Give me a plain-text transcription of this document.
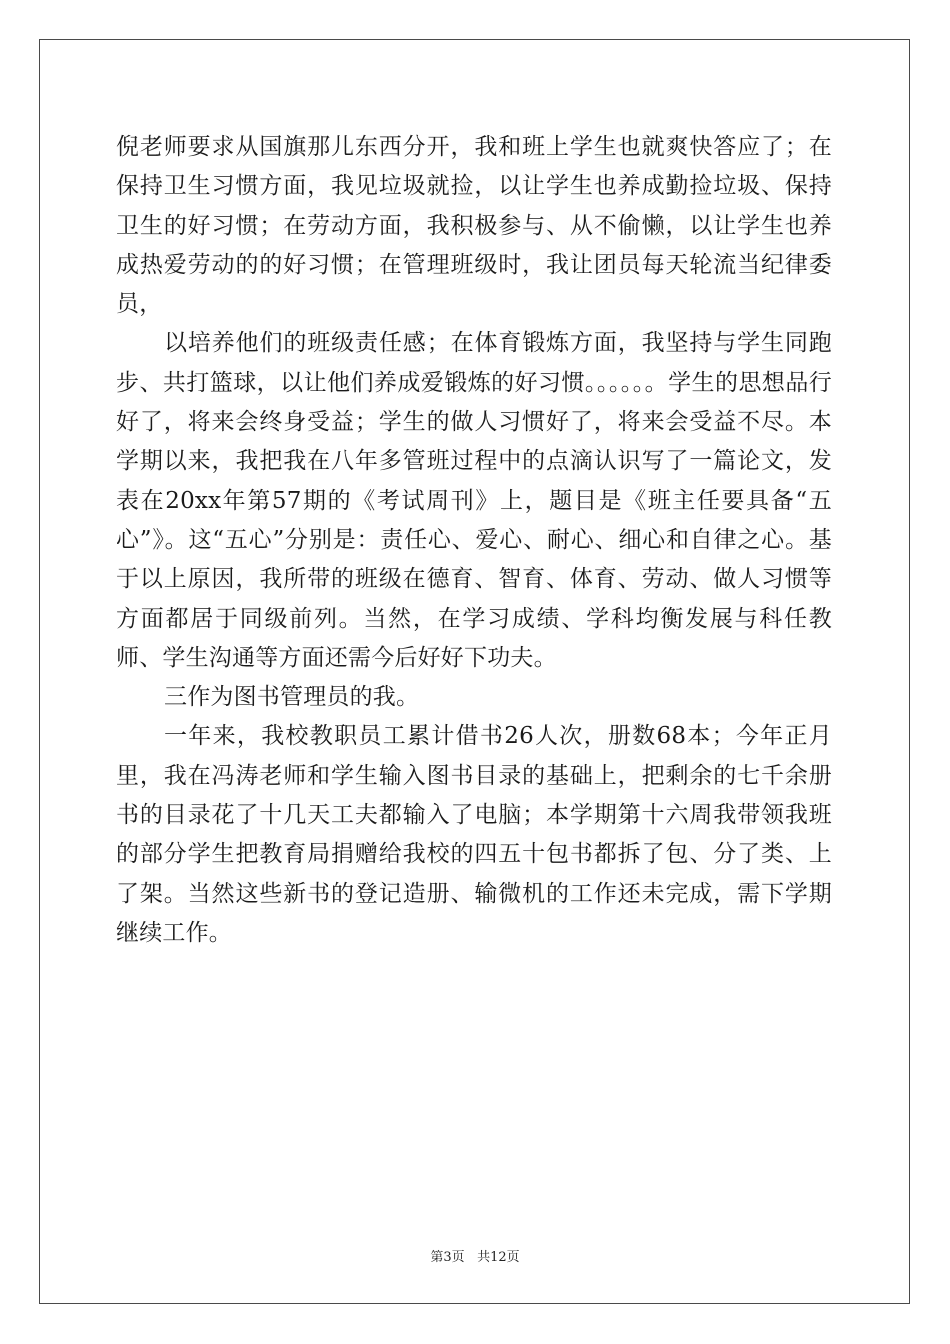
倪老师要求从国旗那儿东西分开，我和班上学生也就爽快答应了；在保持卫生习惯方面，我见垃圾就捡，以让学生也养成勤捡垃圾、保持卫生的好习惯；在劳动方面，我积极参与、从不偷懒，以让学生也养成热爱劳动的的好习惯；在管理班级时，我让团员每天轮流当纪律委员，

以培养他们的班级责任感；在体育锻炼方面，我坚持与学生同跑步、共打篮球，以让他们养成爱锻炼的好习惯。。。。。。学生的思想品行好了，将来会终身受益；学生的做人习惯好了，将来会受益不尽。本学期以来，我把我在八年多管班过程中的点滴认识写了一篇论文，发表在20xx年第57期的《考试周刊》上，题目是《班主任要具备“五心”》。这“五心”分别是：责任心、爱心、耐心、细心和自律之心。基于以上原因，我所带的班级在德育、智育、体育、劳动、做人习惯等方面都居于同级前列。当然，在学习成绩、学科均衡发展与科任教师、学生沟通等方面还需今后好好下功夫。

三作为图书管理员的我。

一年来，我校教职员工累计借书26人次，册数68本；今年正月里，我在冯涛老师和学生输入图书目录的基础上，把剩余的七千余册书的目录花了十几天工夫都输入了电脑；本学期第十六周我带领我班的部分学生把教育局捐赠给我校的四五十包书都拆了包、分了类、上了架。当然这些新书的登记造册、输微机的工作还未完成，需下学期继续工作。

第3页 共12页
